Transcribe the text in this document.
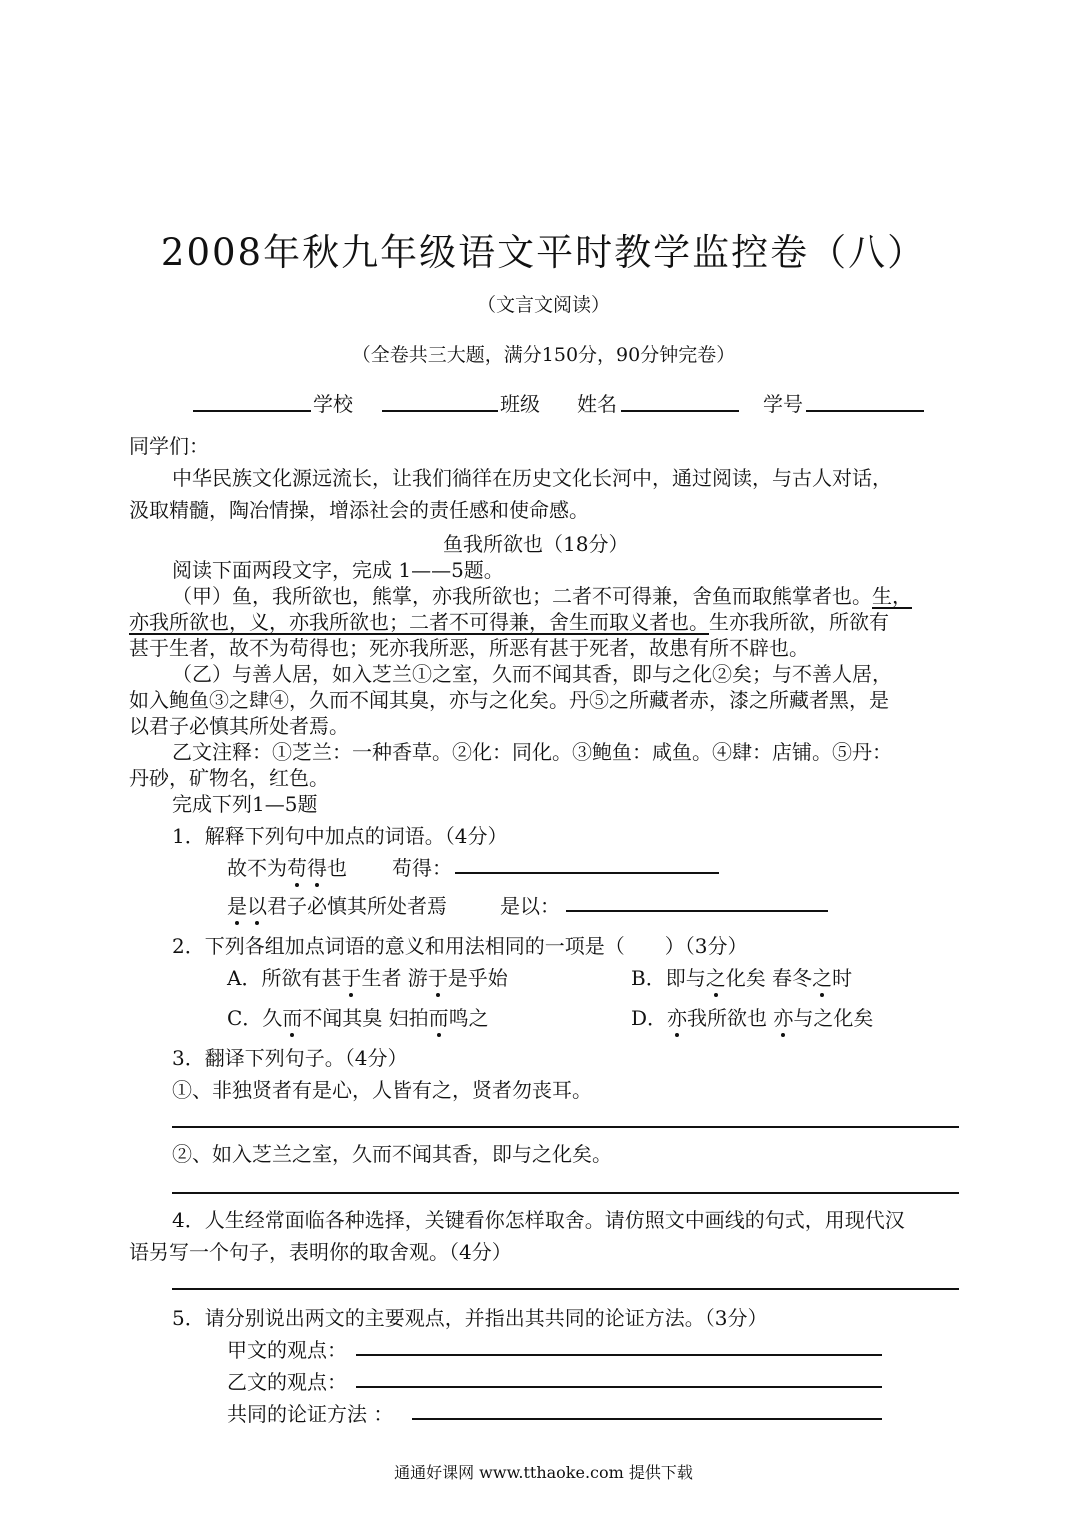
2008年秋九年级语文平时教学监控卷（八）
（文言文阅读）
（全卷共三大题，满分150分，90分钟完卷）
学校	班级 姓名	学号
同学们：
中华民族文化源远流长，让我们徜徉在历史文化长河中，通过阅读，与古人对话，
汲取精髓，陶冶情操，增添社会的责任感和使命感。
鱼我所欲也（18分）
阅读下面两段文字，完成 1——5题。
（甲）鱼，我所欲也，熊掌，亦我所欲也；二者不可得兼，舍鱼而取熊掌者也。生，
亦我所欲也，义，亦我所欲也；二者不可得兼，舍生而取义者也。生亦我所欲，所欲有
甚于生者，故不为苟得也；死亦我所恶，所恶有甚于死者，故患有所不辟也。
（乙）与善人居，如入芝兰①之室，久而不闻其香，即与之化②矣；与不善人居，
如入鲍鱼③之肆④，久而不闻其臭，亦与之化矣。丹⑤之所藏者赤，漆之所藏者黑，是
以君子必慎其所处者焉。
乙文注释：①芝兰：一种香草。②化：同化。③鲍鱼：咸鱼。④肆：店铺。⑤丹：
丹砂，矿物名，红色。
完成下列1—5题
1．解释下列句中加点的词语。（4分）
故不为苟得也 苟得：
是以君子必慎其所处者焉	是以：
2．下列各组加点词语的意义和用法相同的一项是（　　）（3分）
A．所欲有甚于生者 游于是乎始	B．即与之化矣 春冬之时
C．久而不闻其臭 妇拍而鸣之	D．亦我所欲也 亦与之化矣
3．翻译下列句子。（4分）
①、非独贤者有是心，人皆有之，贤者勿丧耳。
②、如入芝兰之室，久而不闻其香，即与之化矣。
4．人生经常面临各种选择，关键看你怎样取舍。请仿照文中画线的句式，用现代汉
语另写一个句子，表明你的取舍观。（4分）
5．请分别说出两文的主要观点，并指出其共同的论证方法。（3分）
甲文的观点：
乙文的观点：
共同的论证方法 ：
通通好课网 www.tthaoke.com 提供下载
